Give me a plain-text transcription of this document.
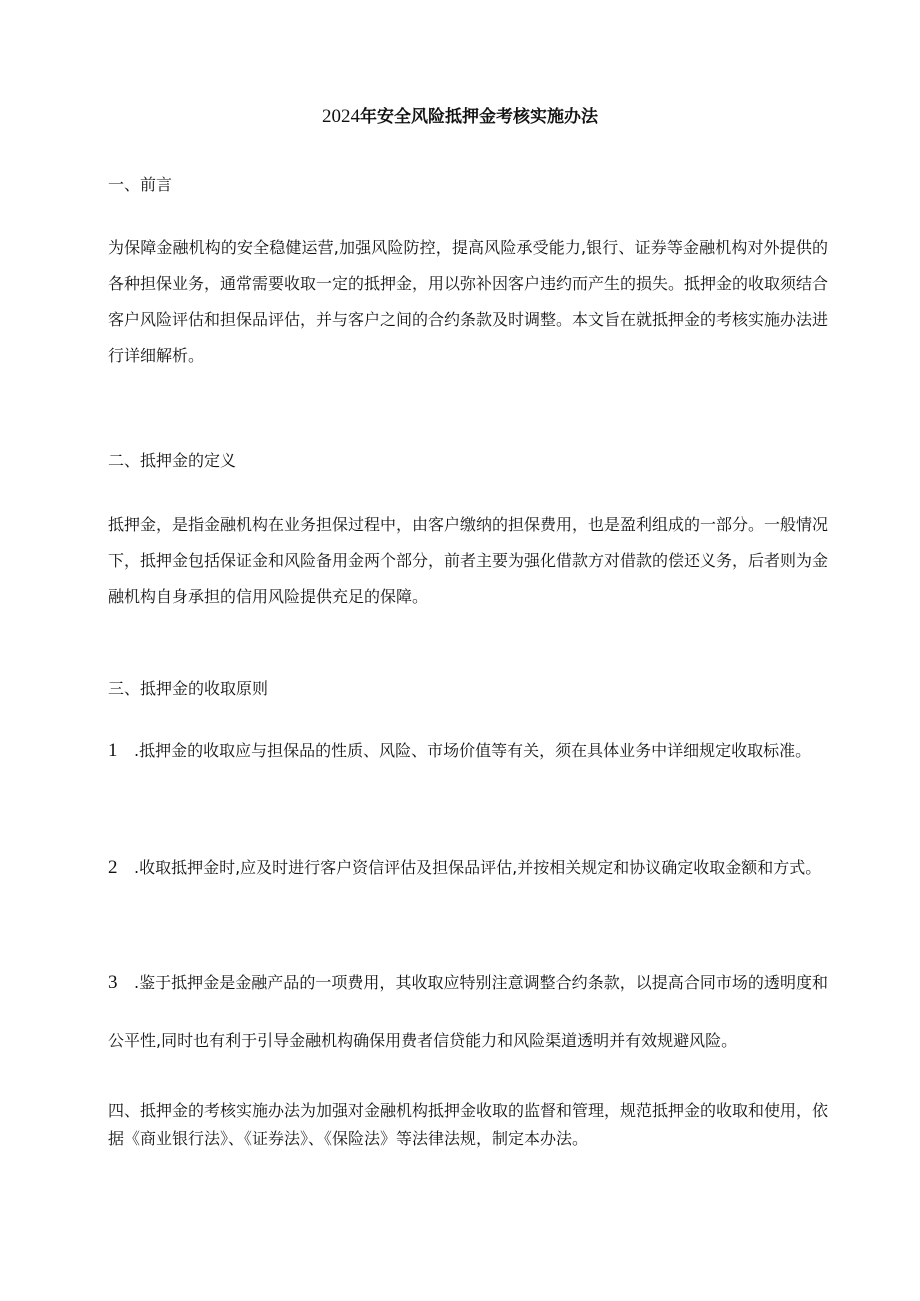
2024年安全风险抵押金考核实施办法
一、前言

为保障金融机构的安全稳健运营,加强风险防控，提高风险承受能力,银行、证券等金融机构对外提供的各种担保业务，通常需要收取一定的抵押金，用以弥补因客户违约而产生的损失。抵押金的收取须结合客户风险评估和担保品评估，并与客户之间的合约条款及时调整。本文旨在就抵押金的考核实施办法进行详细解析。

二、抵押金的定义

抵押金，是指金融机构在业务担保过程中，由客户缴纳的担保费用，也是盈利组成的一部分。一般情况下，抵押金包括保证金和风险备用金两个部分，前者主要为强化借款方对借款的偿还义务，后者则为金融机构自身承担的信用风险提供充足的保障。

三、抵押金的收取原则

1 .抵押金的收取应与担保品的性质、风险、市场价值等有关，须在具体业务中详细规定收取标准。

2 .收取抵押金时,应及时进行客户资信评估及担保品评估,并按相关规定和协议确定收取金额和方式。

3 .鉴于抵押金是金融产品的一项费用，其收取应特别注意调整合约条款，以提高合同市场的透明度和公平性,同时也有利于引导金融机构确保用费者信贷能力和风险渠道透明并有效规避风险。

四、抵押金的考核实施办法为加强对金融机构抵押金收取的监督和管理，规范抵押金的收取和使用，依据《商业银行法》、《证券法》、《保险法》等法律法规，制定本办法。
